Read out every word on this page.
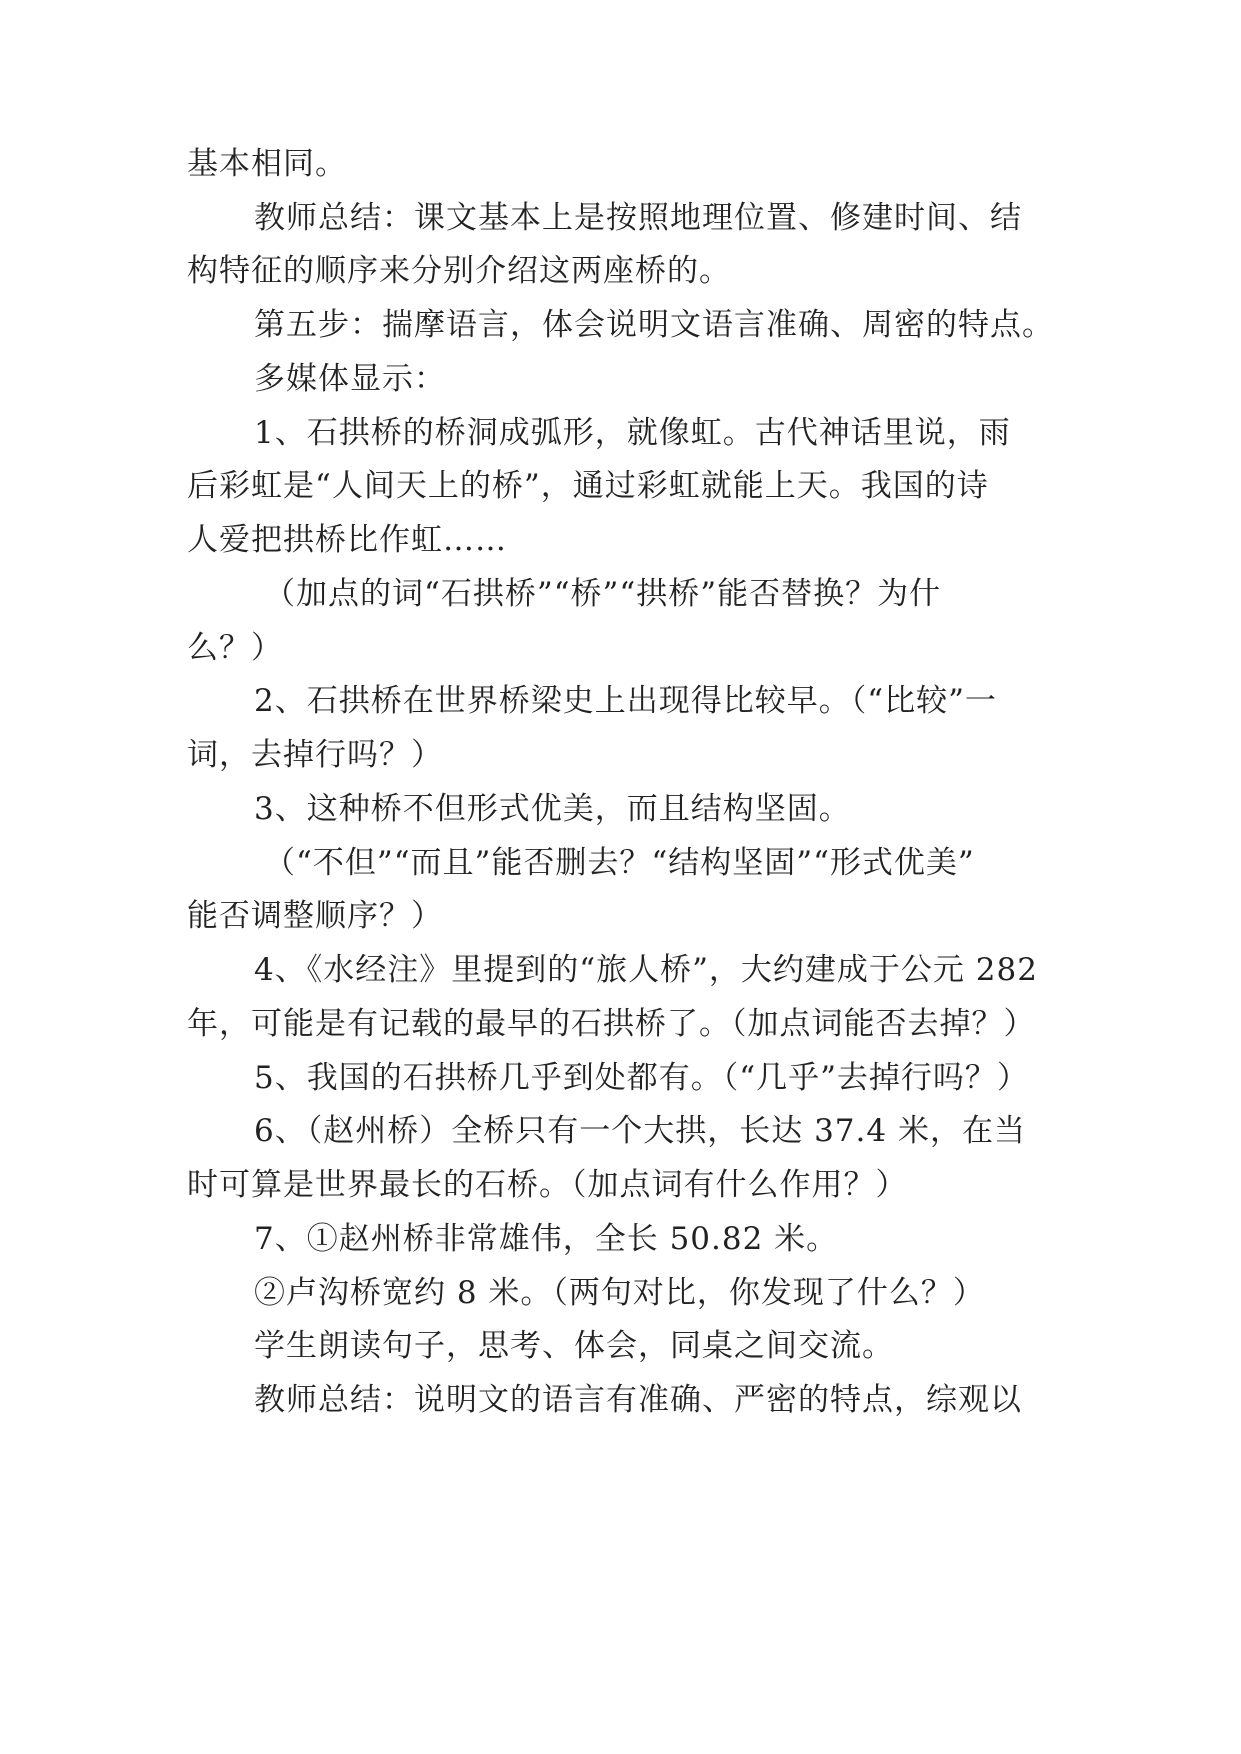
基本相同。
教师总结：课文基本上是按照地理位置、修建时间、结
构特征的顺序来分别介绍这两座桥的。
第五步：揣摩语言，体会说明文语言准确、周密的特点。
多媒体显示：
1、石拱桥的桥洞成弧形，就像虹。古代神话里说，雨
后彩虹是“人间天上的桥”，通过彩虹就能上天。我国的诗
人爱把拱桥比作虹……
（加点的词“石拱桥”“桥”“拱桥”能否替换？为什
么？）
2、石拱桥在世界桥梁史上出现得比较早。（“比较”一
词，去掉行吗？）
3、这种桥不但形式优美，而且结构坚固。
（“不但”“而且”能否删去？“结构坚固”“形式优美”
能否调整顺序？）
4、《水经注》里提到的“旅人桥”，大约建成于公元 282
年，可能是有记载的最早的石拱桥了。（加点词能否去掉？）
5、我国的石拱桥几乎到处都有。（“几乎”去掉行吗？）
6、（赵州桥）全桥只有一个大拱，长达 37.4 米，在当
时可算是世界最长的石桥。（加点词有什么作用？）
7、①赵州桥非常雄伟，全长 50.82 米。
②卢沟桥宽约 8 米。（两句对比，你发现了什么？）
学生朗读句子，思考、体会，同桌之间交流。
教师总结：说明文的语言有准确、严密的特点，综观以
